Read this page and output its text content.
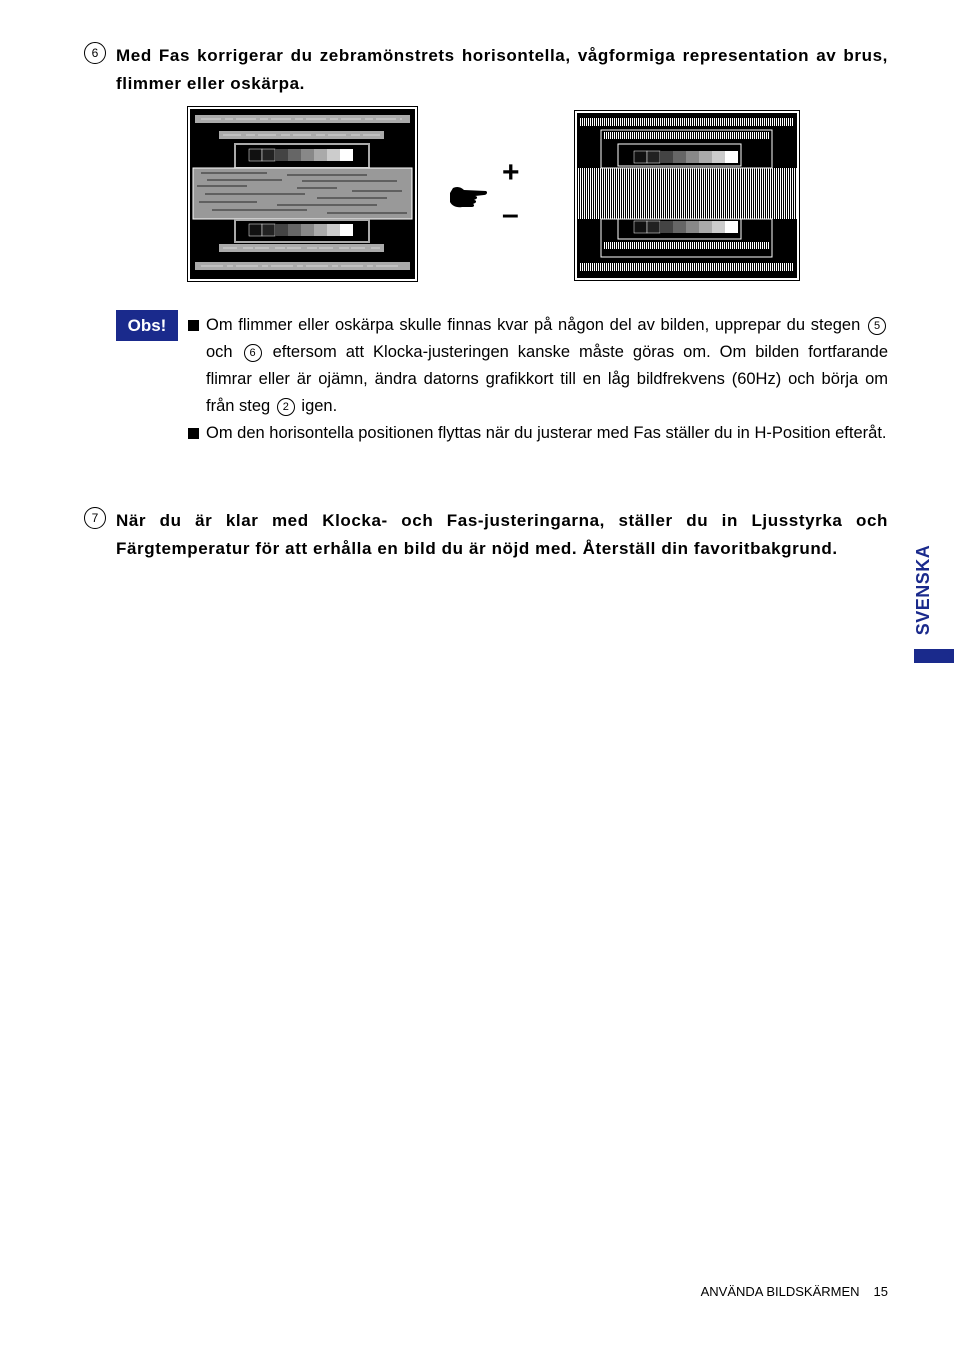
6	Med Fas korrigerar du zebramönstrets horisontella, vågformiga representation av brus, flimmer eller oskärpa.
+
–
Obs!	Om flimmer eller oskärpa skulle finnas kvar på någon del av bilden, upprepar du stegen 5 och 6 eftersom att Klocka-justeringen kanske måste göras om. Om bilden fortfarande flimrar eller är ojämn, ändra datorns grafikkort till en låg bildfrekvens (60Hz) och börja om från steg 2 igen.
Om den horisontella positionen flyttas när du justerar med Fas ställer du in H-Position efteråt.
7	När du är klar med Klocka- och Fas-justeringarna, ställer du in Ljusstyrka och Färgtemperatur för att erhålla en bild du är nöjd med. Återställ din favoritbakgrund.	SVENSKA
ANVÄNDA BILDSKÄRMEN 15
